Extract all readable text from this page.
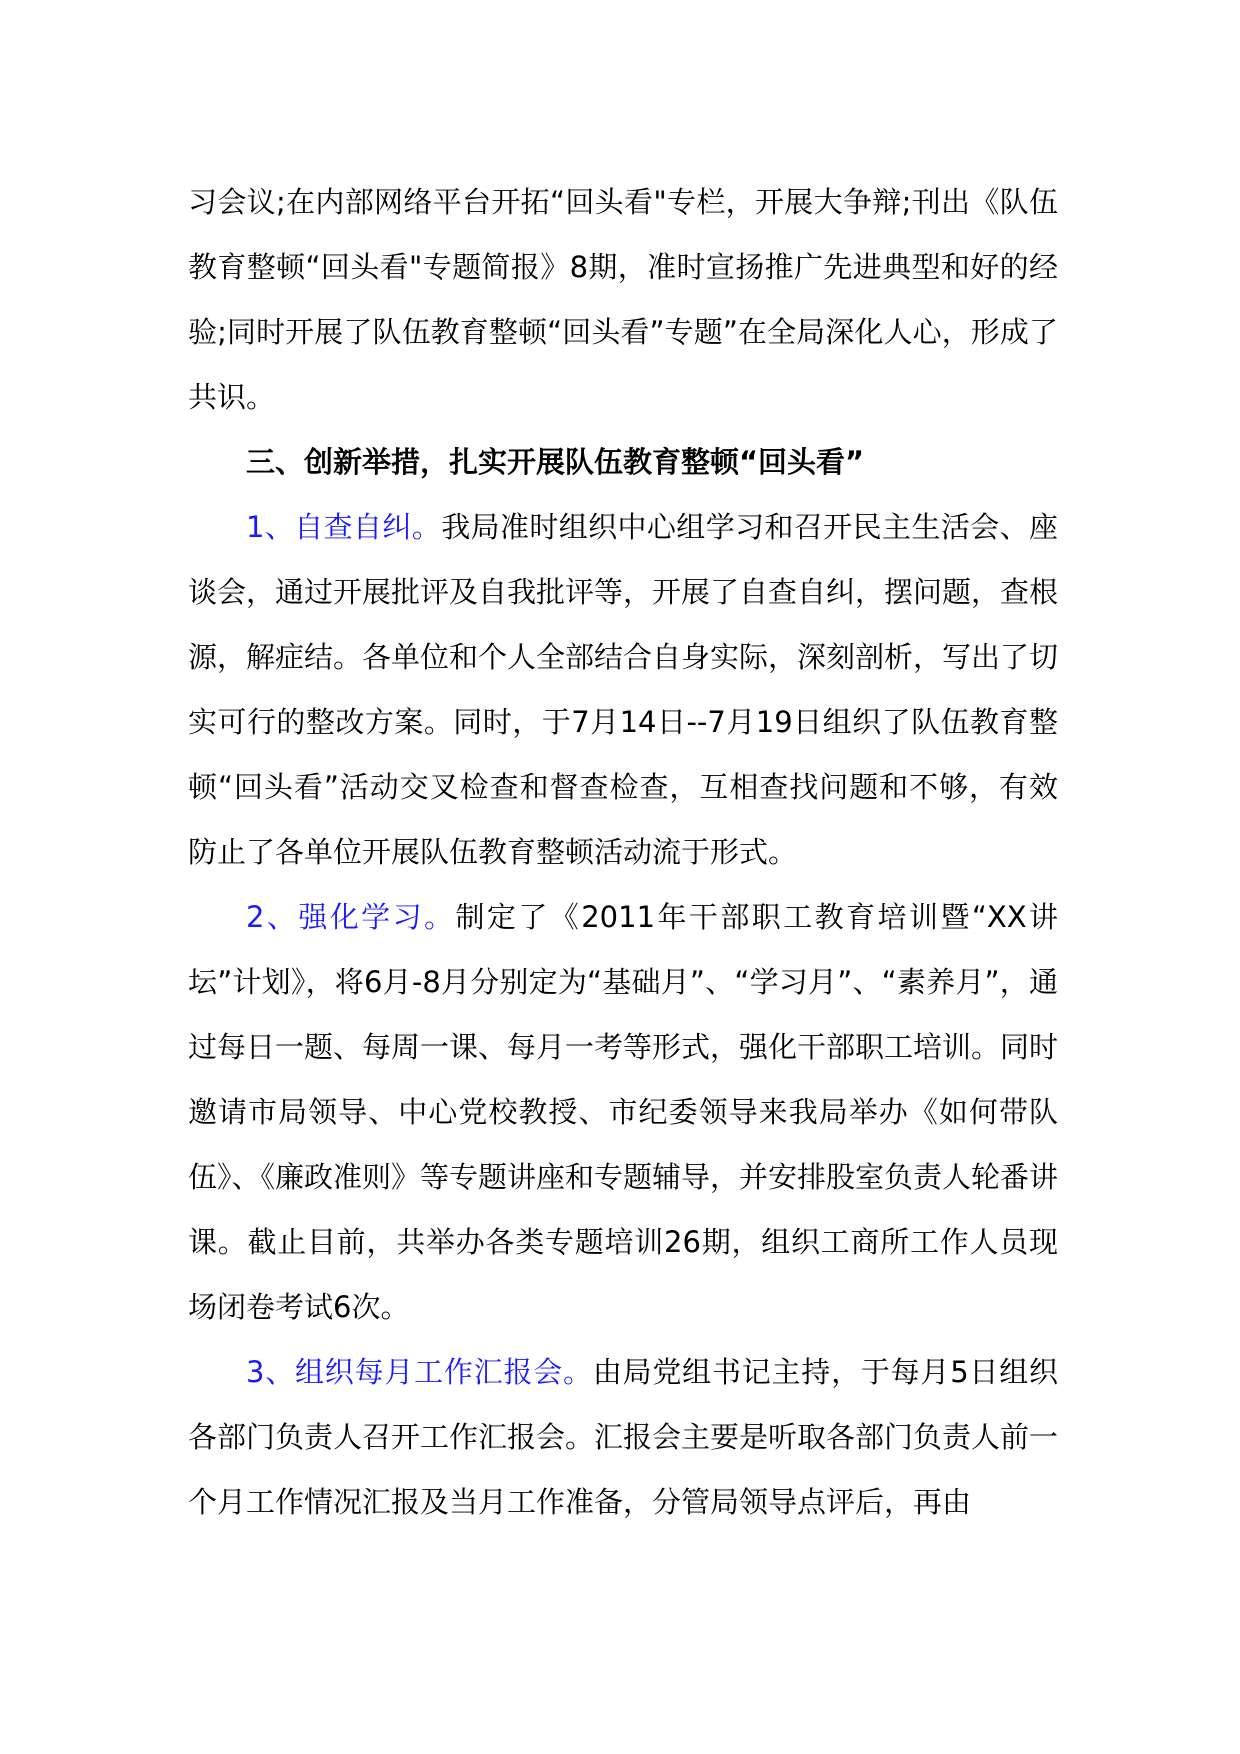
习会议;在内部网络平台开拓“回头看"专栏，开展大争辩;刊出《队伍教育整顿“回头看"专题简报》8期，准时宣扬推广先进典型和好的经验;同时开展了队伍教育整顿“回头看”专题”在全局深化人心，形成了共识。

三、创新举措，扎实开展队伍教育整顿“回头看”

1、自查自纠。我局准时组织中心组学习和召开民主生活会、座谈会，通过开展批评及自我批评等，开展了自查自纠，摆问题，查根源，解症结。各单位和个人全部结合自身实际，深刻剖析，写出了切实可行的整改方案。同时，于7月14日--7月19日组织了队伍教育整顿“回头看”活动交叉检查和督查检查，互相查找问题和不够，有效防止了各单位开展队伍教育整顿活动流于形式。

2、强化学习。制定了《2011年干部职工教育培训暨“XX讲坛”计划》，将6月-8月分别定为“基础月”、“学习月”、“素养月”，通过每日一题、每周一课、每月一考等形式，强化干部职工培训。同时邀请市局领导、中心党校教授、市纪委领导来我局举办《如何带队伍》、《廉政准则》等专题讲座和专题辅导，并安排股室负责人轮番讲课。截止目前，共举办各类专题培训26期，组织工商所工作人员现场闭卷考试6次。

3、组织每月工作汇报会。由局党组书记主持，于每月5日组织各部门负责人召开工作汇报会。汇报会主要是听取各部门负责人前一个月工作情况汇报及当月工作准备，分管局领导点评后，再由
